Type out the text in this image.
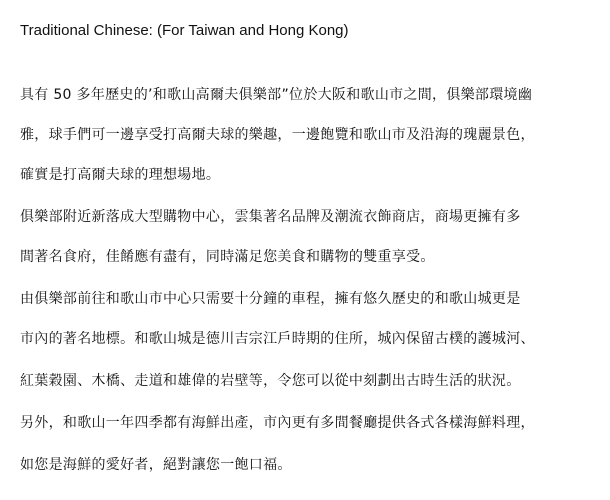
Traditional Chinese: (For Taiwan and Hong Kong)
具有 50 多年歷史的’和歌山高爾夫俱樂部”位於大阪和歌山市之間，俱樂部環境幽
雅，球手們可一邊享受打高爾夫球的樂趣，一邊飽覽和歌山市及沿海的瑰麗景色，
確實是打高爾夫球的理想場地。
俱樂部附近新落成大型購物中心，雲集著名品牌及潮流衣飾商店，商場更擁有多
間著名食府，佳餚應有盡有，同時滿足您美食和購物的雙重享受。
由俱樂部前往和歌山市中心只需要十分鐘的車程，擁有悠久歷史的和歌山城更是
市內的著名地標。和歌山城是德川吉宗江戶時期的住所，城內保留古樸的護城河、
紅葉穀園、木橋、走道和雄偉的岩壁等，令您可以從中刻劃出古時生活的狀況。
另外，和歌山一年四季都有海鮮出產，市內更有多間餐廳提供各式各樣海鮮料理，
如您是海鮮的愛好者，絕對讓您一飽口福。
